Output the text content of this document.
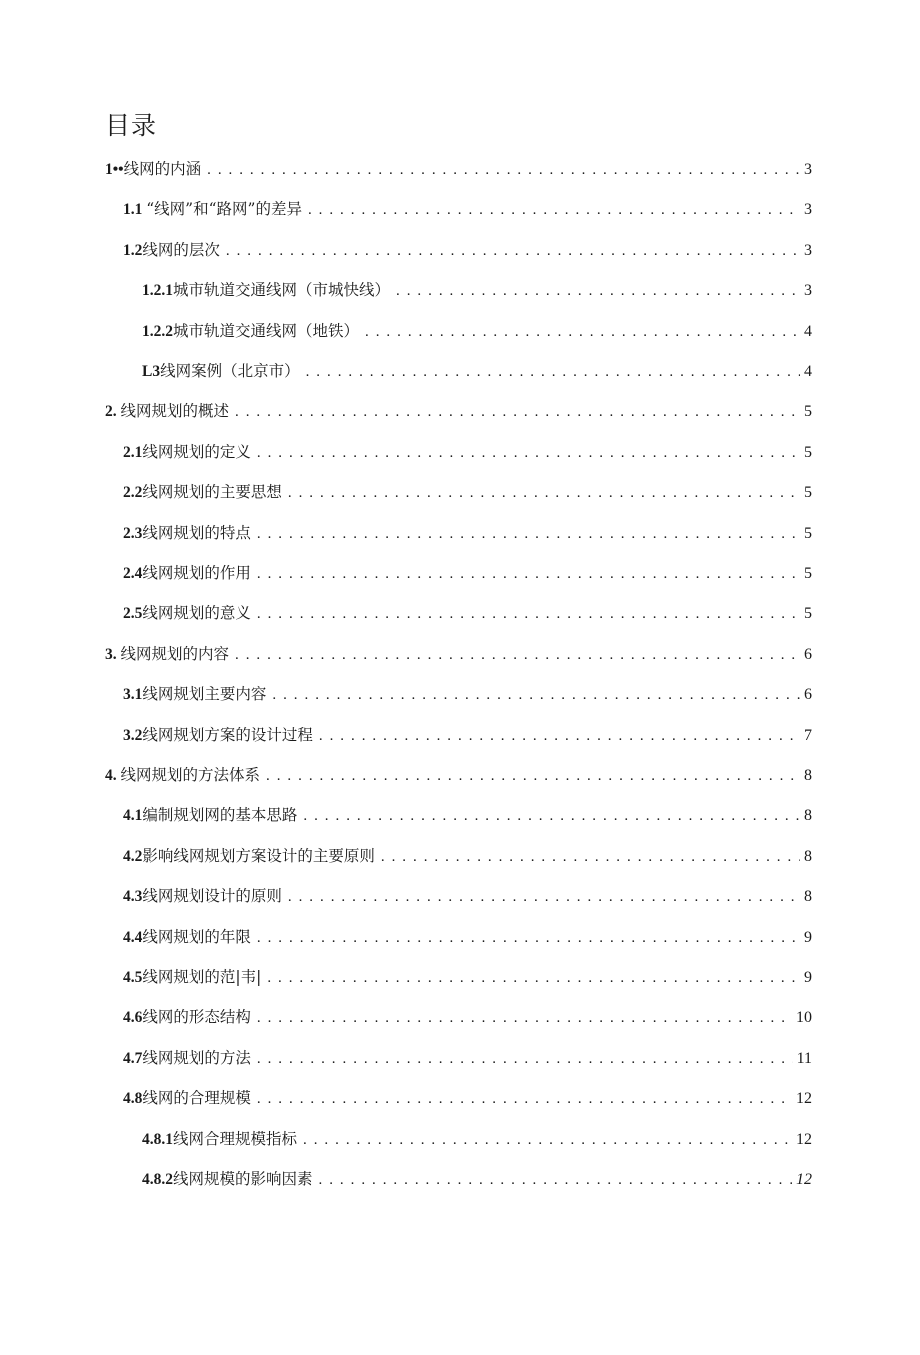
目录
1••线网的内涵 . . .	3
1.1 “线网”和“路网”的差异 . . .	3
1.2线网的层次 . . .	3
1.2.1城市轨道交通线网（市城快线） . . .	3
1.2.2城市轨道交通线网（地铁） . . .	4
L3线网案例（北京市） . . .	4
2. 线网规划的概述 . . .	5
2.1线网规划的定义 . . .	5
2.2线网规划的主要思想 . . .	5
2.3线网规划的特点 . . .	5
2.4线网规划的作用 . . .	5
2.5线网规划的意义 . . .	5
3. 线网规划的内容 . . .	6
3.1线网规划主要内容 . . .	6
3.2线网规划方案的设计过程 . . .	7
4. 线网规划的方法体系 . . .	8
4.1编制规划网的基本思路 . . .	8
4.2影响线网规划方案设计的主要原则 . . .	8
4.3线网规划设计的原则 . . .	8
4.4线网规划的年限 . . .	9
4.5线网规划的范|韦| . . .	9
4.6线网的形态结构 . . .	10
4.7线网规划的方法 . . .	11
4.8线网的合理规模 . . .	12
4.8.1线网合理规模指标 . . .	12
4.8.2线网规模的影响因素 . . .	12
